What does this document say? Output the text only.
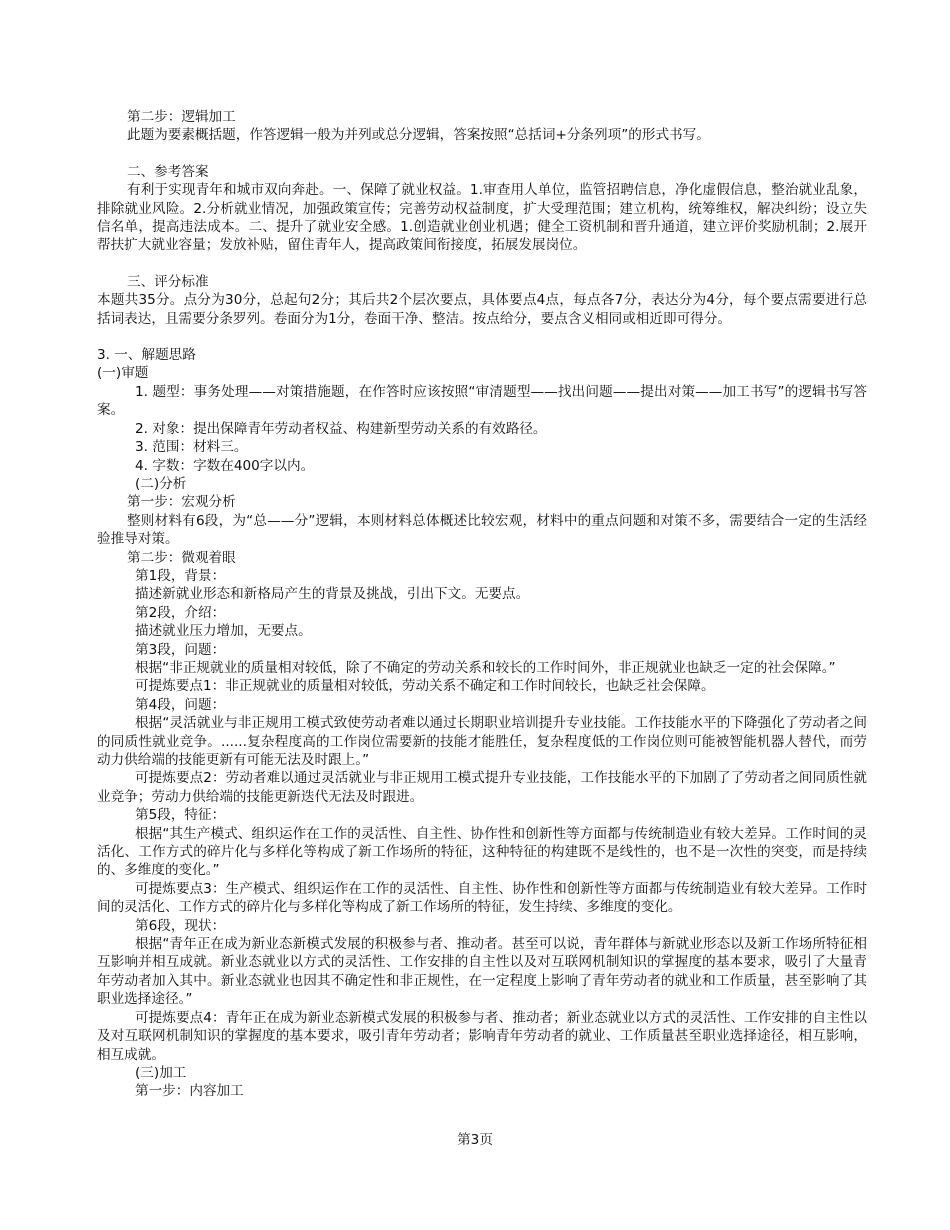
第二步：逻辑加工

此题为要素概括题，作答逻辑一般为并列或总分逻辑，答案按照“总括词+分条列项”的形式书写。

二、参考答案

有利于实现青年和城市双向奔赴。一、保障了就业权益。1.审查用人单位，监管招聘信息，净化虚假信息，整治就业乱象，排除就业风险。2.分析就业情况，加强政策宣传；完善劳动权益制度，扩大受理范围；建立机构，统筹维权，解决纠纷；设立失信名单，提高违法成本。二、提升了就业安全感。1.创造就业创业机遇；健全工资机制和晋升通道，建立评价奖励机制；2.展开帮扶扩大就业容量；发放补贴，留住青年人，提高政策间衔接度，拓展发展岗位。

三、评分标准

本题共35分。点分为30分，总起句2分；其后共2个层次要点，具体要点4点，每点各7分，表达分为4分，每个要点需要进行总括词表达，且需要分条罗列。卷面分为1分，卷面干净、整洁。按点给分，要点含义相同或相近即可得分。

3. 一、解题思路

(一)审题

1. 题型：事务处理——对策措施题，在作答时应该按照“审清题型——找出问题——提出对策——加工书写”的逻辑书写答案。

2. 对象：提出保障青年劳动者权益、构建新型劳动关系的有效路径。

3. 范围：材料三。

4. 字数：字数在400字以内。

(二)分析

第一步：宏观分析

整则材料有6段，为“总——分”逻辑，本则材料总体概述比较宏观，材料中的重点问题和对策不多，需要结合一定的生活经验推导对策。

第二步：微观着眼

第1段，背景：

描述新就业形态和新格局产生的背景及挑战，引出下文。无要点。

第2段，介绍：

描述就业压力增加，无要点。

第3段，问题：

根据“非正规就业的质量相对较低，除了不确定的劳动关系和较长的工作时间外，非正规就业也缺乏一定的社会保障。”

可提炼要点1：非正规就业的质量相对较低，劳动关系不确定和工作时间较长，也缺乏社会保障。

第4段，问题：

根据“灵活就业与非正规用工模式致使劳动者难以通过长期职业培训提升专业技能。工作技能水平的下降强化了劳动者之间的同质性就业竞争。......复杂程度高的工作岗位需要新的技能才能胜任，复杂程度低的工作岗位则可能被智能机器人替代，而劳动力供给端的技能更新有可能无法及时跟上。”

可提炼要点2：劳动者难以通过灵活就业与非正规用工模式提升专业技能，工作技能水平的下加剧了了劳动者之间同质性就业竞争；劳动力供给端的技能更新迭代无法及时跟进。

第5段，特征：

根据“其生产模式、组织运作在工作的灵活性、自主性、协作性和创新性等方面都与传统制造业有较大差异。工作时间的灵活化、工作方式的碎片化与多样化等构成了新工作场所的特征，这种特征的构建既不是线性的，也不是一次性的突变，而是持续的、多维度的变化。”

可提炼要点3：生产模式、组织运作在工作的灵活性、自主性、协作性和创新性等方面都与传统制造业有较大差异。工作时间的灵活化、工作方式的碎片化与多样化等构成了新工作场所的特征，发生持续、多维度的变化。

第6段，现状：

根据“青年正在成为新业态新模式发展的积极参与者、推动者。甚至可以说，青年群体与新就业形态以及新工作场所特征相互影响并相互成就。新业态就业以方式的灵活性、工作安排的自主性以及对互联网机制知识的掌握度的基本要求，吸引了大量青年劳动者加入其中。新业态就业也因其不确定性和非正规性，在一定程度上影响了青年劳动者的就业和工作质量，甚至影响了其职业选择途径。”

可提炼要点4：青年正在成为新业态新模式发展的积极参与者、推动者；新业态就业以方式的灵活性、工作安排的自主性以及对互联网机制知识的掌握度的基本要求，吸引青年劳动者；影响青年劳动者的就业、工作质量甚至职业选择途径，相互影响，相互成就。

(三)加工

第一步：内容加工

第3页
